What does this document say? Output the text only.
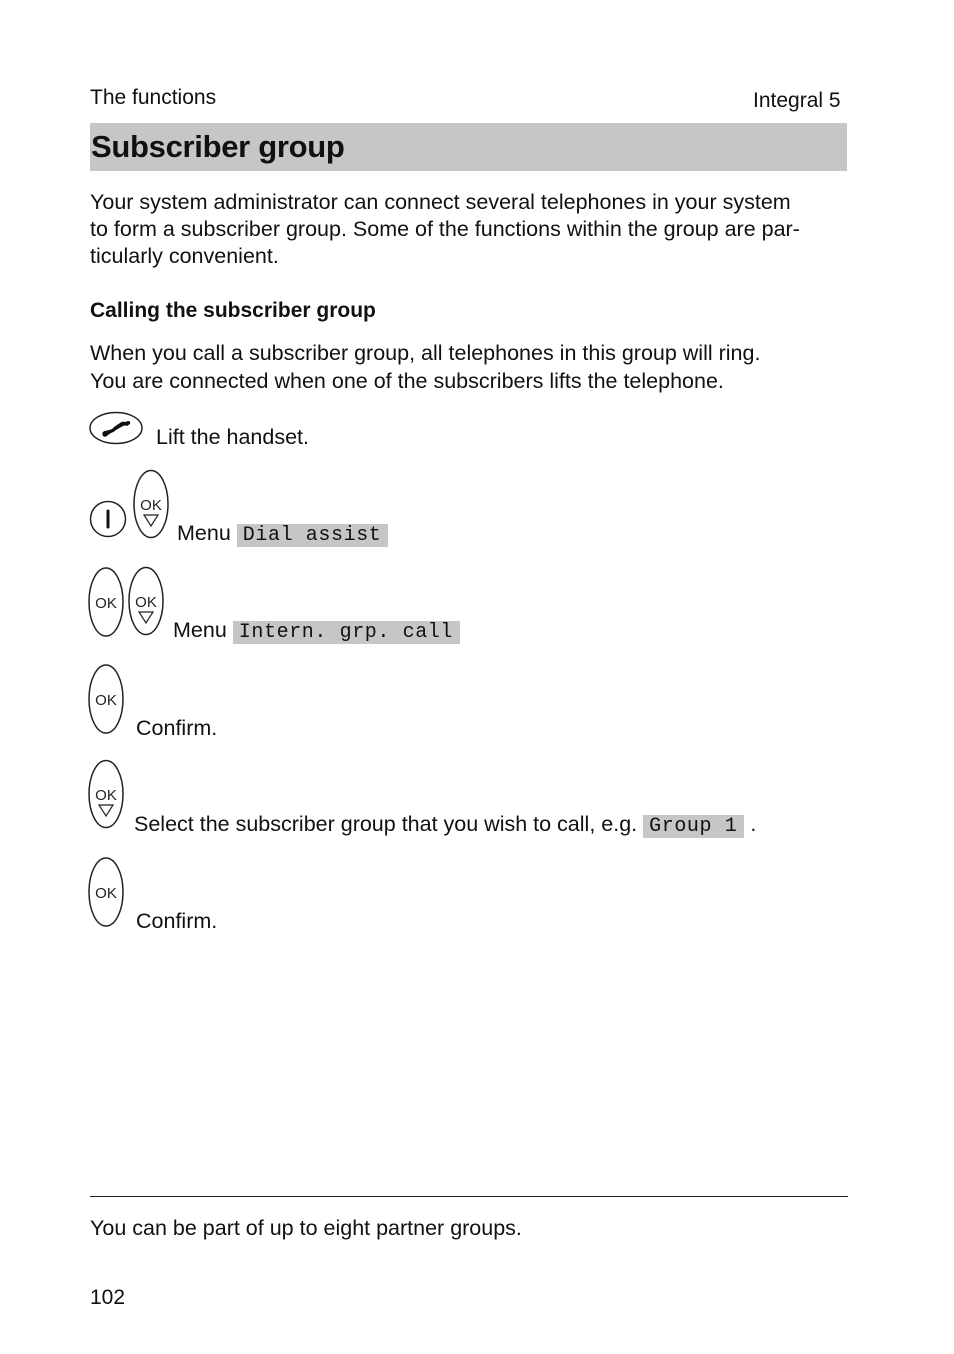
The functions	Integral 5
Subscriber group
Your system administrator can connect several telephones in your system
to form a subscriber group. Some of the functions within the group are par-
ticularly convenient.
Calling the subscriber group
When you call a subscriber group, all telephones in this group will ring.
You are connected when one of the subscribers lifts the telephone.
Lift the handset.
OK
Menu Dial assist
OK OK
Menu Intern. grp. call
OK
Confirm.
OK
Select the subscriber group that you wish to call, e.g. Group 1 .
OK
Confirm.
You can be part of up to eight partner groups.
102
